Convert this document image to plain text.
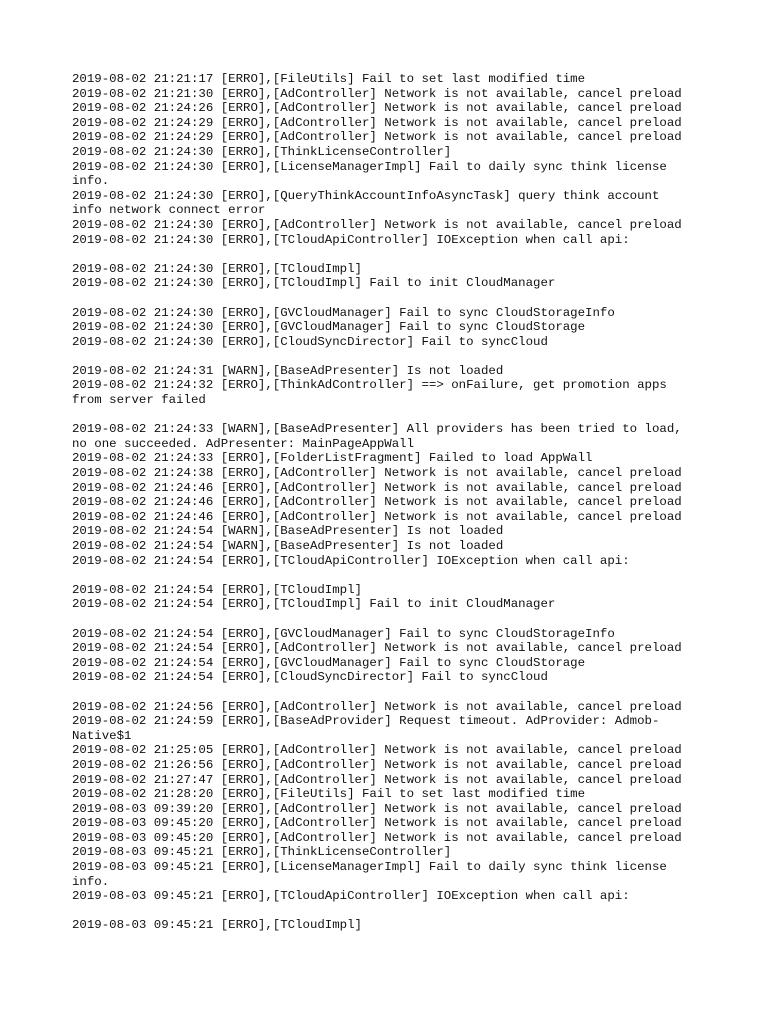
2019-08-02 21:21:17 [ERRO],[FileUtils] Fail to set last modified time
2019-08-02 21:21:30 [ERRO],[AdController] Network is not available, cancel preload
2019-08-02 21:24:26 [ERRO],[AdController] Network is not available, cancel preload
2019-08-02 21:24:29 [ERRO],[AdController] Network is not available, cancel preload
2019-08-02 21:24:29 [ERRO],[AdController] Network is not available, cancel preload
2019-08-02 21:24:30 [ERRO],[ThinkLicenseController]
2019-08-02 21:24:30 [ERRO],[LicenseManagerImpl] Fail to daily sync think license
info.
2019-08-02 21:24:30 [ERRO],[QueryThinkAccountInfoAsyncTask] query think account
info network connect error
2019-08-02 21:24:30 [ERRO],[AdController] Network is not available, cancel preload
2019-08-02 21:24:30 [ERRO],[TCloudApiController] IOException when call api:
2019-08-02 21:24:30 [ERRO],[TCloudImpl]
2019-08-02 21:24:30 [ERRO],[TCloudImpl] Fail to init CloudManager
2019-08-02 21:24:30 [ERRO],[GVCloudManager] Fail to sync CloudStorageInfo
2019-08-02 21:24:30 [ERRO],[GVCloudManager] Fail to sync CloudStorage
2019-08-02 21:24:30 [ERRO],[CloudSyncDirector] Fail to syncCloud
2019-08-02 21:24:31 [WARN],[BaseAdPresenter] Is not loaded
2019-08-02 21:24:32 [ERRO],[ThinkAdController] ==> onFailure, get promotion apps
from server failed
2019-08-02 21:24:33 [WARN],[BaseAdPresenter] All providers has been tried to load,
no one succeeded. AdPresenter: MainPageAppWall
2019-08-02 21:24:33 [ERRO],[FolderListFragment] Failed to load AppWall
2019-08-02 21:24:38 [ERRO],[AdController] Network is not available, cancel preload
2019-08-02 21:24:46 [ERRO],[AdController] Network is not available, cancel preload
2019-08-02 21:24:46 [ERRO],[AdController] Network is not available, cancel preload
2019-08-02 21:24:46 [ERRO],[AdController] Network is not available, cancel preload
2019-08-02 21:24:54 [WARN],[BaseAdPresenter] Is not loaded
2019-08-02 21:24:54 [WARN],[BaseAdPresenter] Is not loaded
2019-08-02 21:24:54 [ERRO],[TCloudApiController] IOException when call api:
2019-08-02 21:24:54 [ERRO],[TCloudImpl]
2019-08-02 21:24:54 [ERRO],[TCloudImpl] Fail to init CloudManager
2019-08-02 21:24:54 [ERRO],[GVCloudManager] Fail to sync CloudStorageInfo
2019-08-02 21:24:54 [ERRO],[AdController] Network is not available, cancel preload
2019-08-02 21:24:54 [ERRO],[GVCloudManager] Fail to sync CloudStorage
2019-08-02 21:24:54 [ERRO],[CloudSyncDirector] Fail to syncCloud
2019-08-02 21:24:56 [ERRO],[AdController] Network is not available, cancel preload
2019-08-02 21:24:59 [ERRO],[BaseAdProvider] Request timeout. AdProvider: Admob-
Native$1
2019-08-02 21:25:05 [ERRO],[AdController] Network is not available, cancel preload
2019-08-02 21:26:56 [ERRO],[AdController] Network is not available, cancel preload
2019-08-02 21:27:47 [ERRO],[AdController] Network is not available, cancel preload
2019-08-02 21:28:20 [ERRO],[FileUtils] Fail to set last modified time
2019-08-03 09:39:20 [ERRO],[AdController] Network is not available, cancel preload
2019-08-03 09:45:20 [ERRO],[AdController] Network is not available, cancel preload
2019-08-03 09:45:20 [ERRO],[AdController] Network is not available, cancel preload
2019-08-03 09:45:21 [ERRO],[ThinkLicenseController]
2019-08-03 09:45:21 [ERRO],[LicenseManagerImpl] Fail to daily sync think license
info.
2019-08-03 09:45:21 [ERRO],[TCloudApiController] IOException when call api:
2019-08-03 09:45:21 [ERRO],[TCloudImpl]
